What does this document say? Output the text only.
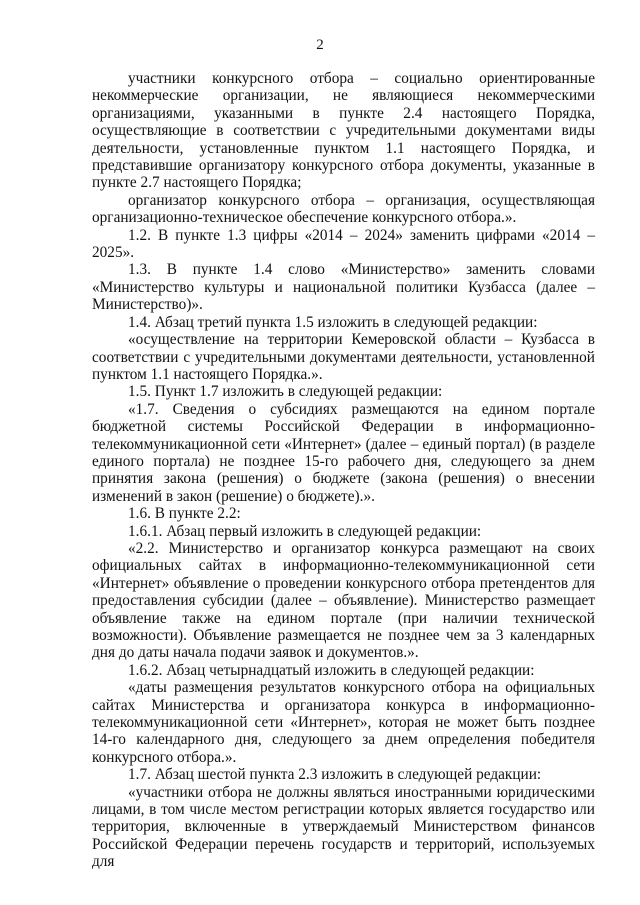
2

участники конкурсного отбора – социально ориентированные некоммерческие организации, не являющиеся некоммерческими организациями, указанными в пункте 2.4 настоящего Порядка, осуществляющие в соответствии с учредительными документами виды деятельности, установленные пунктом 1.1 настоящего Порядка, и представившие организатору конкурсного отбора документы, указанные в пункте 2.7 настоящего Порядка;

организатор конкурсного отбора – организация, осуществляющая организационно-техническое обеспечение конкурсного отбора.».

1.2. В пункте 1.3 цифры «2014 – 2024» заменить цифрами «2014 – 2025».

1.3. В пункте 1.4 слово «Министерство» заменить словами «Министерство культуры и национальной политики Кузбасса (далее – Министерство)».

1.4. Абзац третий пункта 1.5 изложить в следующей редакции:

«осуществление на территории Кемеровской области – Кузбасса в соответствии с учредительными документами деятельности, установленной пунктом 1.1 настоящего Порядка.».

1.5. Пункт 1.7 изложить в следующей редакции:

«1.7. Сведения о субсидиях размещаются на едином портале бюджетной системы Российской Федерации в информационно-телекоммуникационной сети «Интернет» (далее – единый портал) (в разделе единого портала) не позднее 15-го рабочего дня, следующего за днем принятия закона (решения) о бюджете (закона (решения) о внесении изменений в закон (решение) о бюджете).».

1.6. В пункте 2.2:

1.6.1. Абзац первый изложить в следующей редакции:

«2.2. Министерство и организатор конкурса размещают на своих официальных сайтах в информационно-телекоммуникационной сети «Интернет» объявление о проведении конкурсного отбора претендентов для предоставления субсидии (далее – объявление). Министерство размещает объявление также на едином портале (при наличии технической возможности). Объявление размещается не позднее чем за 3 календарных дня до даты начала подачи заявок и документов.».

1.6.2. Абзац четырнадцатый изложить в следующей редакции:

«даты размещения результатов конкурсного отбора на официальных сайтах Министерства и организатора конкурса в информационно-телекоммуникационной сети «Интернет», которая не может быть позднее 14-го календарного дня, следующего за днем определения победителя конкурсного отбора.».

1.7. Абзац шестой пункта 2.3 изложить в следующей редакции:

«участники отбора не должны являться иностранными юридическими лицами, в том числе местом регистрации которых является государство или территория, включенные в утверждаемый Министерством финансов Российской Федерации перечень государств и территорий, используемых для
